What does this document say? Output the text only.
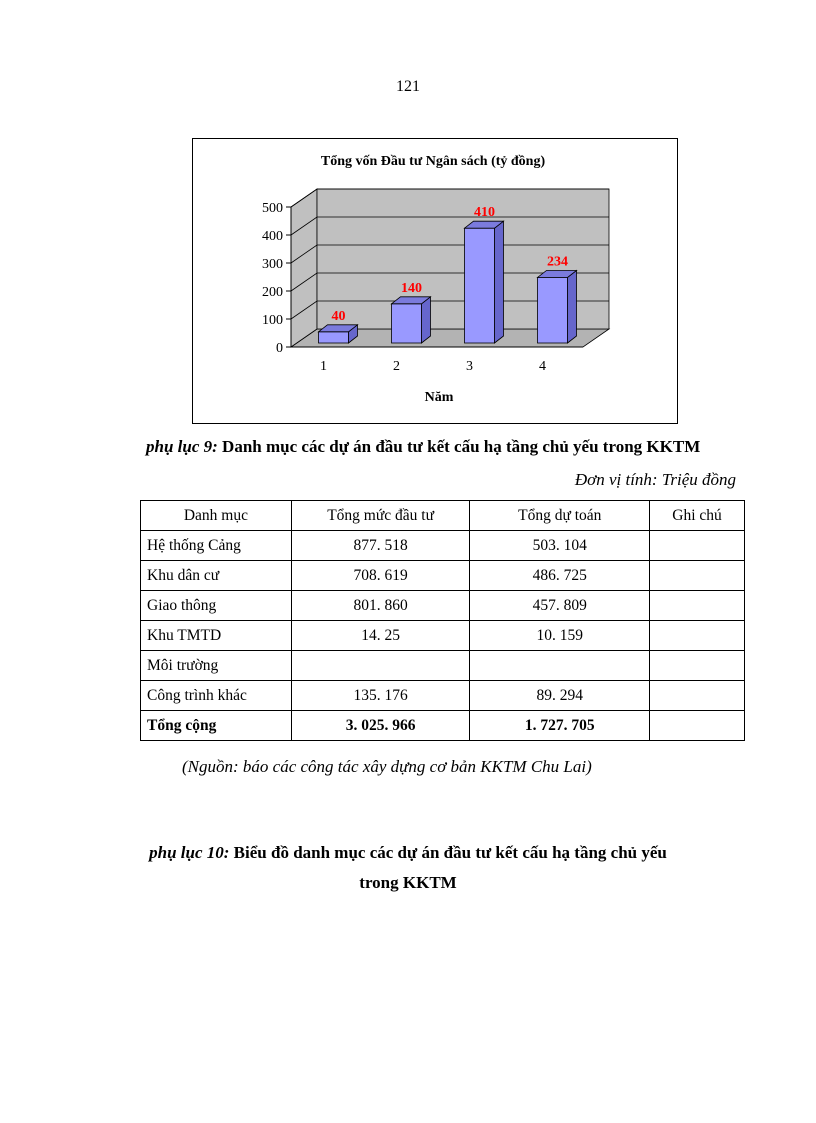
121
0
100
200
300
400
500
40
1
140
2
410
3
234
4
Tổng vốn Đầu tư Ngân sách (tỷ đồng)
Năm
phụ lục 9: Danh mục các dự án đầu tư kết cấu hạ tầng chủ yếu trong KKTM
Đơn vị tính: Triệu đồng
Danh mục	Tổng mức đầu tư	Tổng dự toán	Ghi chú
Hệ thống Cảng	877. 518	503. 104	
Khu dân cư	708. 619	486. 725	
Giao thông	801. 860	457. 809	
Khu TMTD	14. 25	10. 159	
Môi trường			
Công trình khác	135. 176	89. 294	
Tổng cộng	3. 025. 966	1. 727. 705	
(Nguồn: báo các công tác xây dựng cơ bản KKTM Chu Lai)
phụ lục 10: Biểu đồ danh mục các dự án đầu tư kết cấu hạ tầng chủ yếu
trong KKTM
